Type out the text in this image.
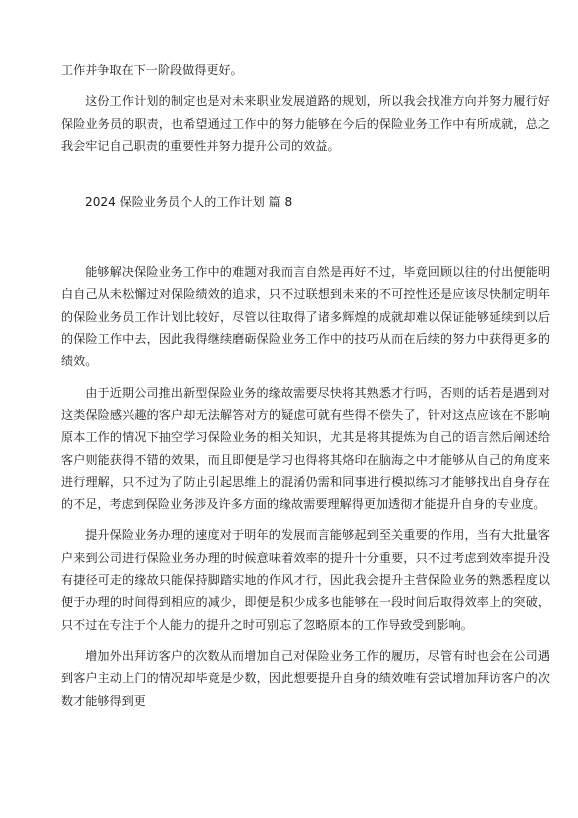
工作并争取在下一阶段做得更好。

这份工作计划的制定也是对未来职业发展道路的规划，所以我会找准方向并努力履行好保险业务员的职责，也希望通过工作中的努力能够在今后的保险业务工作中有所成就，总之我会牢记自己职责的重要性并努力提升公司的效益。

2024 保险业务员个人的工作计划 篇 8

能够解决保险业务工作中的难题对我而言自然是再好不过，毕竟回顾以往的付出便能明白自己从未松懈过对保险绩效的追求，只不过联想到未来的不可控性还是应该尽快制定明年的保险业务员工作计划比较好，尽管以往取得了诸多辉煌的成就却难以保证能够延续到以后的保险工作中去，因此我得继续磨砺保险业务工作中的技巧从而在后续的努力中获得更多的绩效。

由于近期公司推出新型保险业务的缘故需要尽快将其熟悉才行吗，否则的话若是遇到对这类保险感兴趣的客户却无法解答对方的疑虑可就有些得不偿失了，针对这点应该在不影响原本工作的情况下抽空学习保险业务的相关知识，尤其是将其提炼为自己的语言然后阐述给客户则能获得不错的效果，而且即便是学习也得将其烙印在脑海之中才能够从自己的角度来进行理解，只不过为了防止引起思维上的混淆仍需和同事进行模拟练习才能够找出自身存在的不足，考虑到保险业务涉及许多方面的缘故需要理解得更加透彻才能提升自身的专业度。

提升保险业务办理的速度对于明年的发展而言能够起到至关重要的作用，当有大批量客户来到公司进行保险业务办理的时候意味着效率的提升十分重要，只不过考虑到效率提升没有捷径可走的缘故只能保持脚踏实地的作风才行，因此我会提升主营保险业务的熟悉程度以便于办理的时间得到相应的减少，即便是积少成多也能够在一段时间后取得效率上的突破，只不过在专注于个人能力的提升之时可别忘了忽略原本的工作导致受到影响。

增加外出拜访客户的次数从而增加自己对保险业务工作的履历，尽管有时也会在公司遇到客户主动上门的情况却毕竟是少数，因此想要提升自身的绩效唯有尝试增加拜访客户的次数才能够得到更
